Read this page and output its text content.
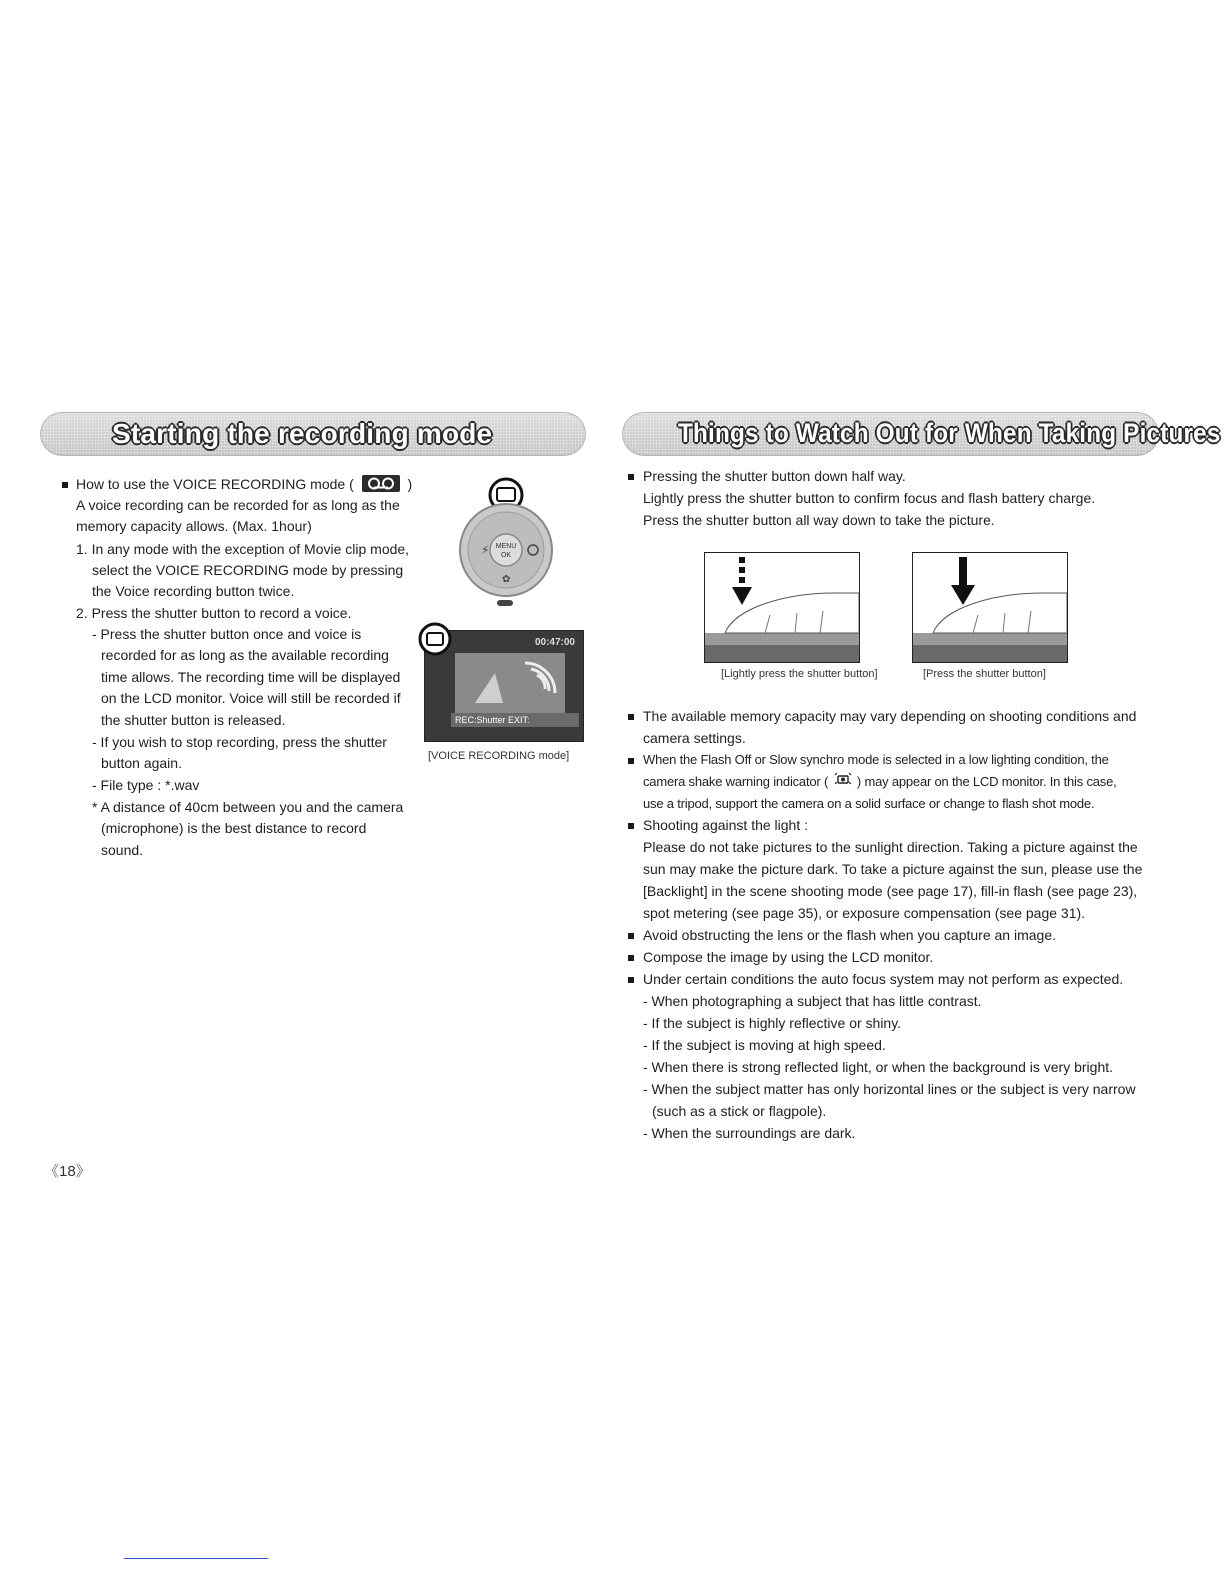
Starting the recording mode	Things to Watch Out for When Taking Pictures
How to use the VOICE RECORDING mode (	)
A voice recording can be recorded for as long as the
memory capacity allows. (Max. 1hour)
1. In any mode with the exception of Movie clip mode,
select the VOICE RECORDING mode by pressing
the Voice recording button twice.
2. Press the shutter button to record a voice.
- Press the shutter button once and voice is
recorded for as long as the available recording
time allows. The recording time will be displayed
on the LCD monitor. Voice will still be recorded if
the shutter button is released.
- If you wish to stop recording, press the shutter
button again.
- File type : *.wav
* A distance of 40cm between you and the camera
(microphone) is the best distance to record
sound.
MENU
OK
⚡
✿
00:47:00
REC:Shutter EXIT:
[VOICE RECORDING mode]
Pressing the shutter button down half way.
Lightly press the shutter button to confirm focus and flash battery charge.
Press the shutter button all way down to take the picture.
[Lightly press the shutter button]	[Press the shutter button]
The available memory capacity may vary depending on shooting conditions and
camera settings.
When the Flash Off or Slow synchro mode is selected in a low lighting condition, the
camera shake warning indicator ( ) may appear on the LCD monitor. In this case,
use a tripod, support the camera on a solid surface or change to flash shot mode.
Shooting against the light :
Please do not take pictures to the sunlight direction. Taking a picture against the
sun may make the picture dark. To take a picture against the sun, please use the
[Backlight] in the scene shooting mode (see page 17), fill-in flash (see page 23),
spot metering (see page 35), or exposure compensation (see page 31).
Avoid obstructing the lens or the flash when you capture an image.
Compose the image by using the LCD monitor.
Under certain conditions the auto focus system may not perform as expected.
- When photographing a subject that has little contrast.
- If the subject is highly reflective or shiny.
- If the subject is moving at high speed.
- When there is strong reflected light, or when the background is very bright.
- When the subject matter has only horizontal lines or the subject is very narrow
(such as a stick or flagpole).
- When the surroundings are dark.
《18》
